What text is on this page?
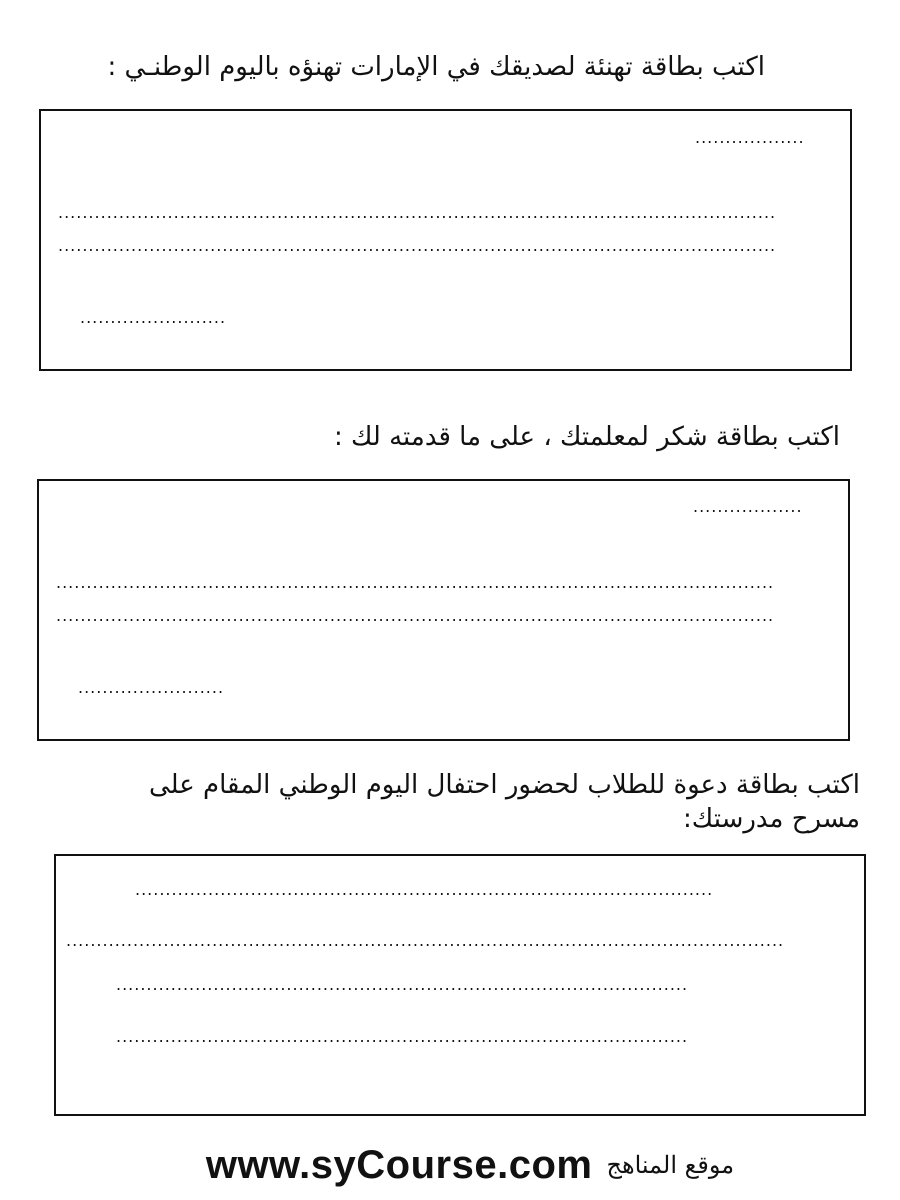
اكتب بطاقة تهنئة لصديقك في الإمارات تهنؤه باليوم الوطنـي :

..................
......................................................................................................................
......................................................................................................................
........................

اكتب بطاقة شكر لمعلمتك ، على ما قدمته لك :

..................
......................................................................................................................
......................................................................................................................
........................

اكتب بطاقة دعوة للطلاب لحضور احتفال اليوم الوطني المقام على مسرح مدرستك:

...............................................................................................
......................................................................................................................
..............................................................................................
..............................................................................................
www.syCourse.com موقع المناهج
